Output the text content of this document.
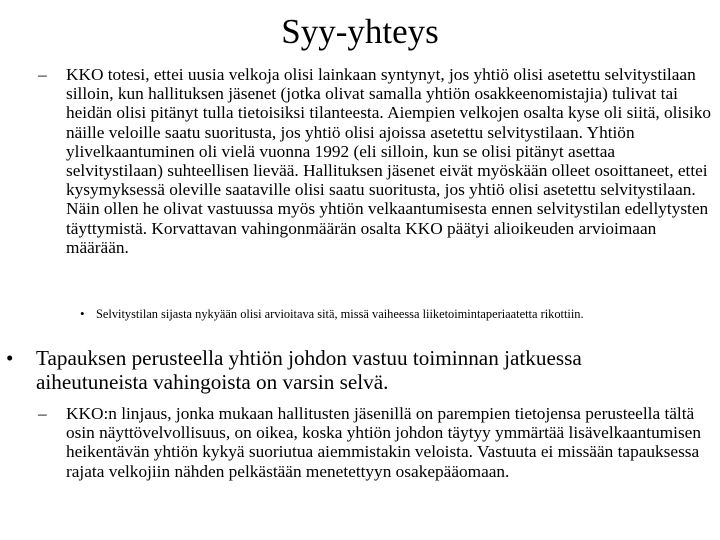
Syy-yhteys
– KKO totesi, ettei uusia velkoja olisi lainkaan syntynyt, jos yhtiö olisi asetettu selvitystilaan silloin, kun hallituksen jäsenet (jotka olivat samalla yhtiön osakkeenomistajia) tulivat tai heidän olisi pitänyt tulla tietoisiksi tilanteesta. Aiempien velkojen osalta kyse oli siitä, olisiko näille veloille saatu suoritusta, jos yhtiö olisi ajoissa asetettu selvitystilaan. Yhtiön ylivelkaantuminen oli vielä vuonna 1992 (eli silloin, kun se olisi pitänyt asettaa selvitystilaan) suhteellisen lievää. Hallituksen jäsenet eivät myöskään olleet osoittaneet, ettei kysymyksessä oleville saataville olisi saatu suoritusta, jos yhtiö olisi asetettu selvitystilaan. Näin ollen he olivat vastuussa myös yhtiön velkaantumisesta ennen selvitystilan edellytysten täyttymistä. Korvattavan vahingonmäärän osalta KKO päätyi alioikeuden arvioimaan määrään.
• Selvitystilan sijasta nykyään olisi arvioitava sitä, missä vaiheessa liiketoimintaperiaatetta rikottiin.
• Tapauksen perusteella yhtiön johdon vastuu toiminnan jatkuessa aiheutuneista vahingoista on varsin selvä.
– KKO:n linjaus, jonka mukaan hallitusten jäsenillä on parempien tietojensa perusteella tältä osin näyttövelvollisuus, on oikea, koska yhtiön johdon täytyy ymmärtää lisävelkaantumisen heikentävän yhtiön kykyä suoriutua aiemmistakin veloista. Vastuuta ei missään tapauksessa rajata velkojiin nähden pelkästään menetettyyn osakepääomaan.
